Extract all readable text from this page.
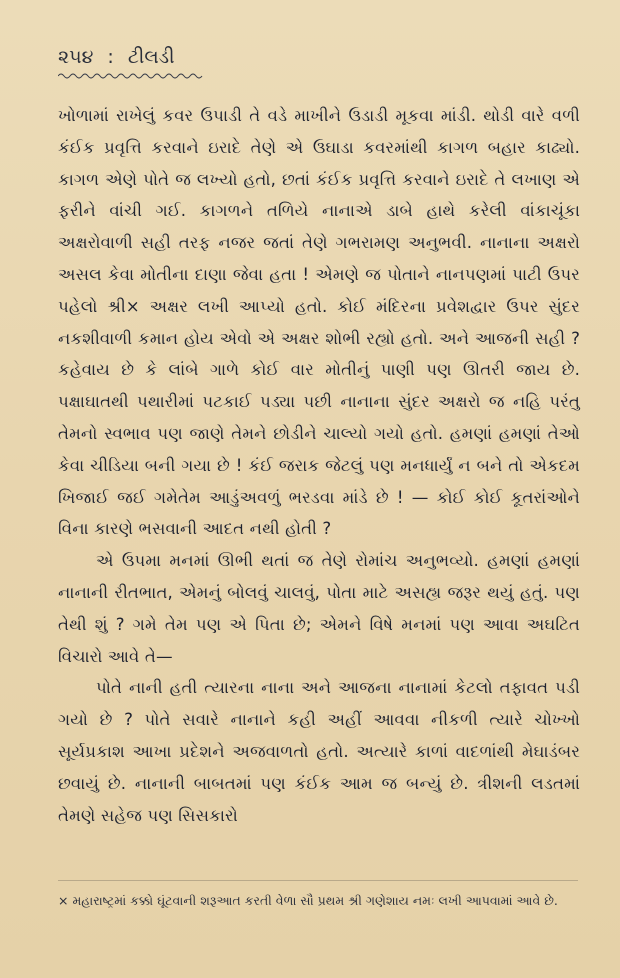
૨૫૪ : ટીલડી

ખોળામાં રાખેલું કવર ઉપાડી તે વડે માખીને ઉડાડી મૂકવા માંડી. થોડી વારે વળી કંઈક પ્રવૃત્તિ કરવાને ઇરાદે તેણે એ ઉઘાડા કવરમાંથી કાગળ બહાર કાઢ્યો. કાગળ એણે પોતે જ લખ્યો હતો, છતાં કંઈક પ્રવૃત્તિ કરવાને ઇરાદે તે લખાણ એ ફરીને વાંચી ગઈ. કાગળને તળિયે નાનાએ ડાબે હાથે કરેલી વાંકાચૂંકા અક્ષરોવાળી સહી તરફ નજર જતાં તેણે ગભરામણ અનુભવી. નાનાના અક્ષરો અસલ કેવા મોતીના દાણા જેવા હતા ! એમણે જ પોતાને નાનપણમાં પાટી ઉપર પહેલો શ્રી× અક્ષર લખી આપ્યો હતો. કોઈ મંદિરના પ્રવેશદ્વાર ઉપર સુંદર નકશીવાળી કમાન હોય એવો એ અક્ષર શોભી રહ્યો હતો. અને આજની સહી ? કહેવાય છે કે લાંબે ગાળે કોઈ વાર મોતીનું પાણી પણ ઊતરી જાય છે. પક્ષાઘાતથી પથારીમાં પટકાઈ પડ્યા પછી નાનાના સુંદર અક્ષરો જ નહિ પરંતુ તેમનો સ્વભાવ પણ જાણે તેમને છોડીને ચાલ્યો ગયો હતો. હમણાં હમણાં તેઓ કેવા ચીડિયા બની ગયા છે ! કંઈ જરાક જેટલું પણ મનધાર્યું ન બને તો એકદમ ખિજાઈ જઈ ગમેતેમ આડુંઅવળું ભરડવા માંડે છે ! — કોઈ કોઈ કૂતરાંઓને વિના કારણે ભસવાની આદત નથી હોતી ?

એ ઉપમા મનમાં ઊભી થતાં જ તેણે રોમાંચ અનુભવ્યો. હમણાં હમણાં નાનાની રીતભાત, એમનું બોલવું ચાલવું, પોતા માટે અસહ્ય જરૂર થયું હતું. પણ તેથી શું ? ગમે તેમ પણ એ પિતા છે; એમને વિષે મનમાં પણ આવા અઘટિત વિચારો આવે તે—

પોતે નાની હતી ત્યારના નાના અને આજના નાનામાં કેટલો તફાવત પડી ગયો છે ? પોતે સવારે નાનાને કહી અહીં આવવા નીકળી ત્યારે ચોખ્ખો સૂર્યપ્રકાશ આખા પ્રદેશને અજવાળતો હતો. અત્યારે કાળાં વાદળાંથી મેઘાડંબર છવાયું છે. નાનાની બાબતમાં પણ કંઈક આમ જ બન્યું છે. ત્રીશની લડતમાં તેમણે સહેજ પણ સિસકારો

× મહારાષ્ટ્રમાં કક્કો ઘૂંટવાની શરૂઆત કરતી વેળા સૌ પ્રથમ શ્રી ગણેશાય નમઃ લખી આપવામાં આવે છે.
